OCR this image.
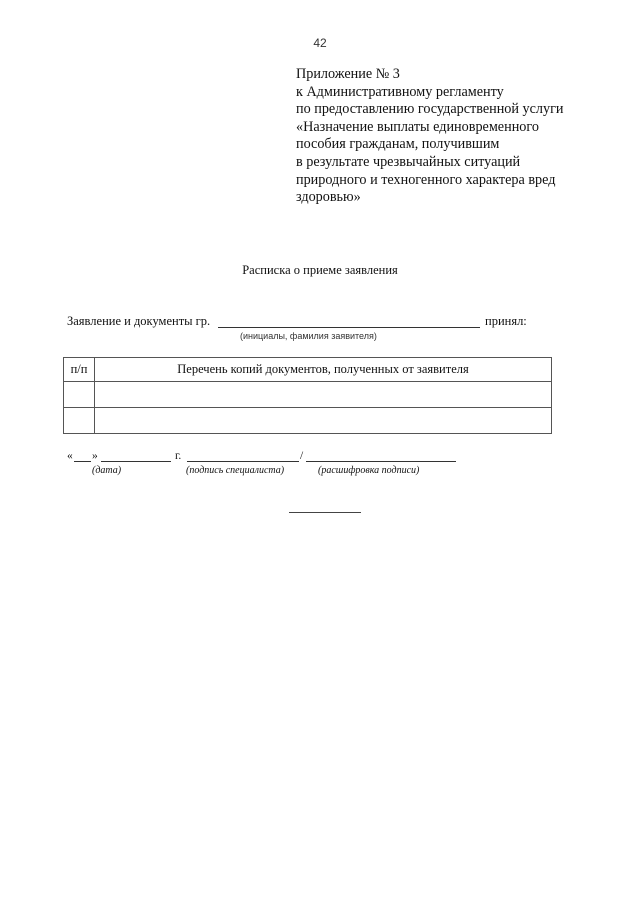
42
Приложение № 3
к Административному регламенту
по предоставлению государственной услуги
«Назначение выплаты единовременного
пособия гражданам, получившим
в результате чрезвычайных ситуаций
природного и техногенного характера вред
здоровью»
Расписка о приеме заявления
Заявление и документы гр.	принял:
(инициалы, фамилия заявителя)
п/п	Перечень копий документов, полученных от заявителя

« »	г.	/
(дата)	(подпись специалиста)	(расшифровка подписи)
